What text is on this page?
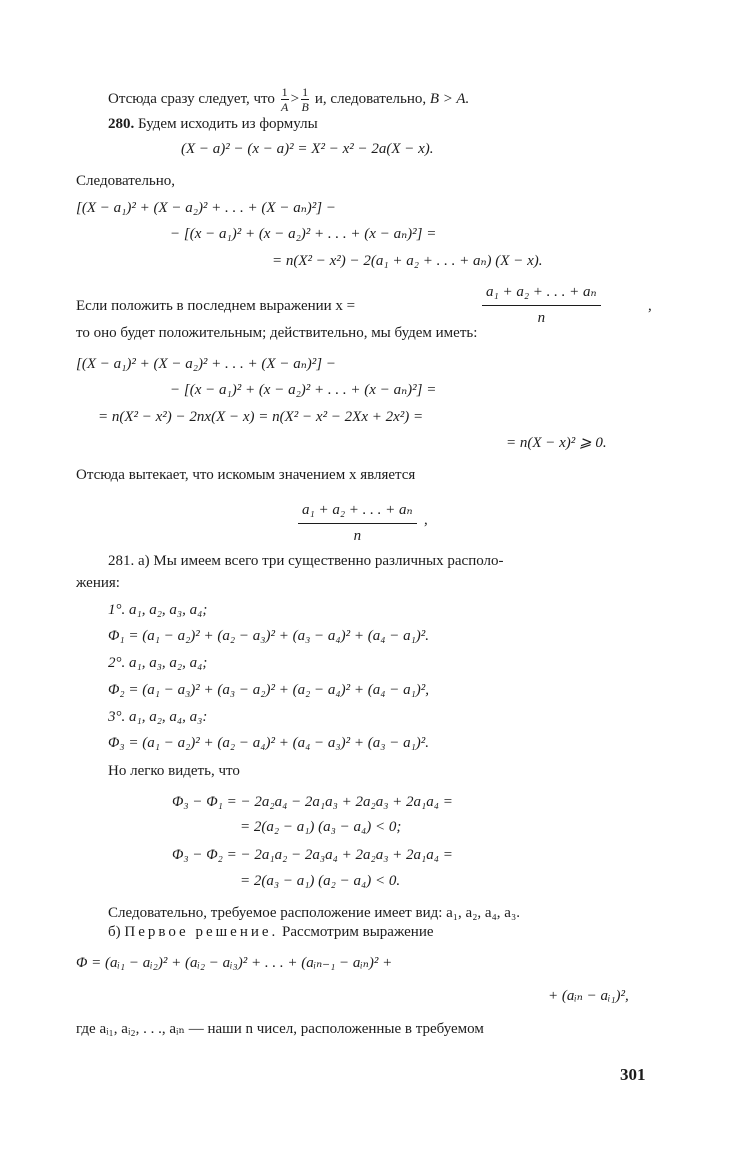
Отсюда сразу следует, что $\frac{1}{A} > \frac{1}{B} и$, следовательно, B > A.
280. Будем исходить из формулы
(X − a)² − (x − a)² = X² − x² − 2a(X − x).
Следовательно,
[(X − a₁)² + (X − a₂)² + . . . + (X − aₙ)²] −
− [(x − a₁)² + (x − a₂)² + . . . + (x − aₙ)²] =
= n(X² − x²) − 2(a₁ + a₂ + . . . + aₙ) (X − x).
Если положить в последнем выражении x =
a₁ + a₂ + . . . + aₙ
n
,
то оно будет положительным; действительно, мы будем иметь:
[(X − a₁)² + (X − a₂)² + . . . + (X − aₙ)²] −
− [(x − a₁)² + (x − a₂)² + . . . + (x − aₙ)²] =
= n(X² − x²) − 2nx(X − x) = n(X² − x² − 2Xx + 2x²) =
= n(X − x)² ⩾ 0.
Отсюда вытекает, что искомым значением x является
a₁ + a₂ + . . . + aₙ
n
,
281. а) Мы имеем всего три существенно различных располо-
жения:
1°. a₁, a₂, a₃, a₄;
Φ₁ = (a₁ − a₂)² + (a₂ − a₃)² + (a₃ − a₄)² + (a₄ − a₁)².
2°. a₁, a₃, a₂, a₄;
Φ₂ = (a₁ − a₃)² + (a₃ − a₂)² + (a₂ − a₄)² + (a₄ − a₁)²,
3°. a₁, a₂, a₄, a₃:
Φ₃ = (a₁ − a₂)² + (a₂ − a₄)² + (a₄ − a₃)² + (a₃ − a₁)².
Но легко видеть, что
Φ₃ − Φ₁ = − 2a₂a₄ − 2a₁a₃ + 2a₂a₃ + 2a₁a₄ =
= 2(a₂ − a₁) (a₃ − a₄) < 0;
Φ₃ − Φ₂ = − 2a₁a₂ − 2a₃a₄ + 2a₂a₃ + 2a₁a₄ =
= 2(a₃ − a₁) (a₂ − a₄) < 0.
Следовательно, требуемое расположение имеет вид: a₁, a₂, a₄, a₃.
б) Первое решение. Рассмотрим выражение
Φ = (aᵢ₁ − aᵢ₂)² + (aᵢ₂ − aᵢ₃)² + . . . + (aᵢₙ₋₁ − aᵢₙ)² +
+ (aᵢₙ − aᵢ₁)²,
где aᵢ₁, aᵢ₂, . . ., aᵢₙ — наши n чисел, расположенные в требуемом
301
